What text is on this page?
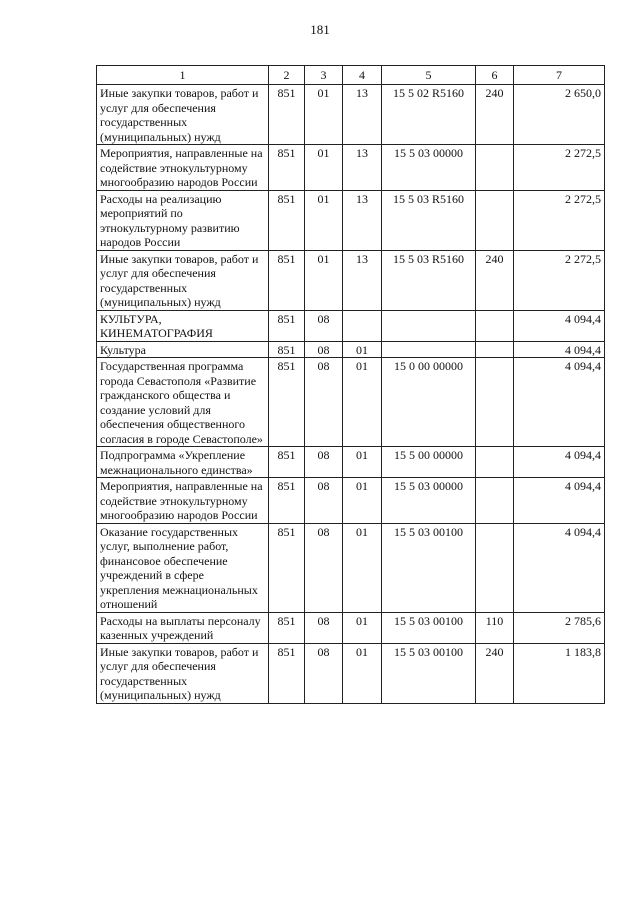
181
1	2	3	4	5	6	7
Иные закупки товаров, работ и услуг для обеспечения государственных (муниципальных) нужд	851	01	13	15 5 02 R5160	240	2 650,0
Мероприятия, направленные на содействие этнокультурному многообразию народов России	851	01	13	15 5 03 00000		2 272,5
Расходы на реализацию мероприятий по этнокультурному развитию народов России	851	01	13	15 5 03 R5160		2 272,5
Иные закупки товаров, работ и услуг для обеспечения государственных (муниципальных) нужд	851	01	13	15 5 03 R5160	240	2 272,5
КУЛЬТУРА, КИНЕМАТОГРАФИЯ	851	08				4 094,4
Культура	851	08	01			4 094,4
Государственная программа города Севастополя «Развитие гражданского общества и создание условий для обеспечения общественного согласия в городе Севастополе»	851	08	01	15 0 00 00000		4 094,4
Подпрограмма «Укрепление межнационального единства»	851	08	01	15 5 00 00000		4 094,4
Мероприятия, направленные на содействие этнокультурному многообразию народов России	851	08	01	15 5 03 00000		4 094,4
Оказание государственных услуг, выполнение работ, финансовое обеспечение учреждений в сфере укрепления межнациональных отношений	851	08	01	15 5 03 00100		4 094,4
Расходы на выплаты персоналу казенных учреждений	851	08	01	15 5 03 00100	110	2 785,6
Иные закупки товаров, работ и услуг для обеспечения государственных (муниципальных) нужд	851	08	01	15 5 03 00100	240	1 183,8
